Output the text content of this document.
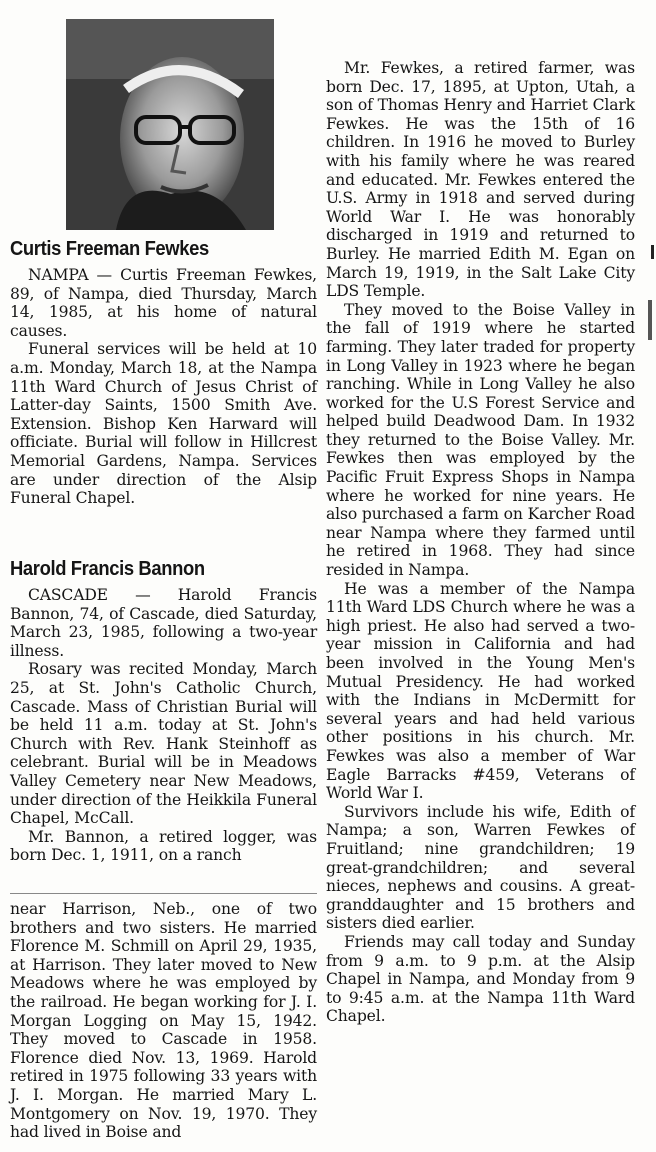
Curtis Freeman Fewkes

NAMPA — Curtis Freeman Fewkes, 89, of Nampa, died Thursday, March 14, 1985, at his home of natural causes.

Funeral services will be held at 10 a.m. Monday, March 18, at the Nampa 11th Ward Church of Jesus Christ of Latter-day Saints, 1500 Smith Ave. Extension. Bishop Ken Harward will officiate. Burial will follow in Hillcrest Memorial Gardens, Nampa. Services are under direction of the Alsip Funeral Chapel.

Harold Francis Bannon

CASCADE — Harold Francis Bannon, 74, of Cascade, died Saturday, March 23, 1985, following a two-year illness.

Rosary was recited Monday, March 25, at St. John's Catholic Church, Cascade. Mass of Christian Burial will be held 11 a.m. today at St. John's Church with Rev. Hank Steinhoff as celebrant. Burial will be in Meadows Valley Cemetery near New Meadows, under direction of the Heikkila Funeral Chapel, McCall.

Mr. Bannon, a retired logger, was born Dec. 1, 1911, on a ranch

near Harrison, Neb., one of two brothers and two sisters. He married Florence M. Schmill on April 29, 1935, at Harrison. They later moved to New Meadows where he was employed by the railroad. He began working for J. I. Morgan Logging on May 15, 1942. They moved to Cascade in 1958. Florence died Nov. 13, 1969. Harold retired in 1975 following 33 years with J. I. Morgan. He married Mary L. Montgomery on Nov. 19, 1970. They had lived in Boise and

Mr. Fewkes, a retired farmer, was born Dec. 17, 1895, at Upton, Utah, a son of Thomas Henry and Harriet Clark Fewkes. He was the 15th of 16 children. In 1916 he moved to Burley with his family where he was reared and educated. Mr. Fewkes entered the U.S. Army in 1918 and served during World War I. He was honorably discharged in 1919 and returned to Burley. He married Edith M. Egan on March 19, 1919, in the Salt Lake City LDS Temple.

They moved to the Boise Valley in the fall of 1919 where he started farming. They later traded for property in Long Valley in 1923 where he began ranching. While in Long Valley he also worked for the U.S Forest Service and helped build Deadwood Dam. In 1932 they returned to the Boise Valley. Mr. Fewkes then was employed by the Pacific Fruit Express Shops in Nampa where he worked for nine years. He also purchased a farm on Karcher Road near Nampa where they farmed until he retired in 1968. They had since resided in Nampa.

He was a member of the Nampa 11th Ward LDS Church where he was a high priest. He also had served a two-year mission in California and had been involved in the Young Men's Mutual Presidency. He had worked with the Indians in McDermitt for several years and had held various other positions in his church. Mr. Fewkes was also a member of War Eagle Barracks #459, Veterans of World War I.

Survivors include his wife, Edith of Nampa; a son, Warren Fewkes of Fruitland; nine grandchildren; 19 great-grandchildren; and several nieces, nephews and cousins. A great-granddaughter and 15 brothers and sisters died earlier.

Friends may call today and Sunday from 9 a.m. to 9 p.m. at the Alsip Chapel in Nampa, and Monday from 9 to 9:45 a.m. at the Nampa 11th Ward Chapel.
